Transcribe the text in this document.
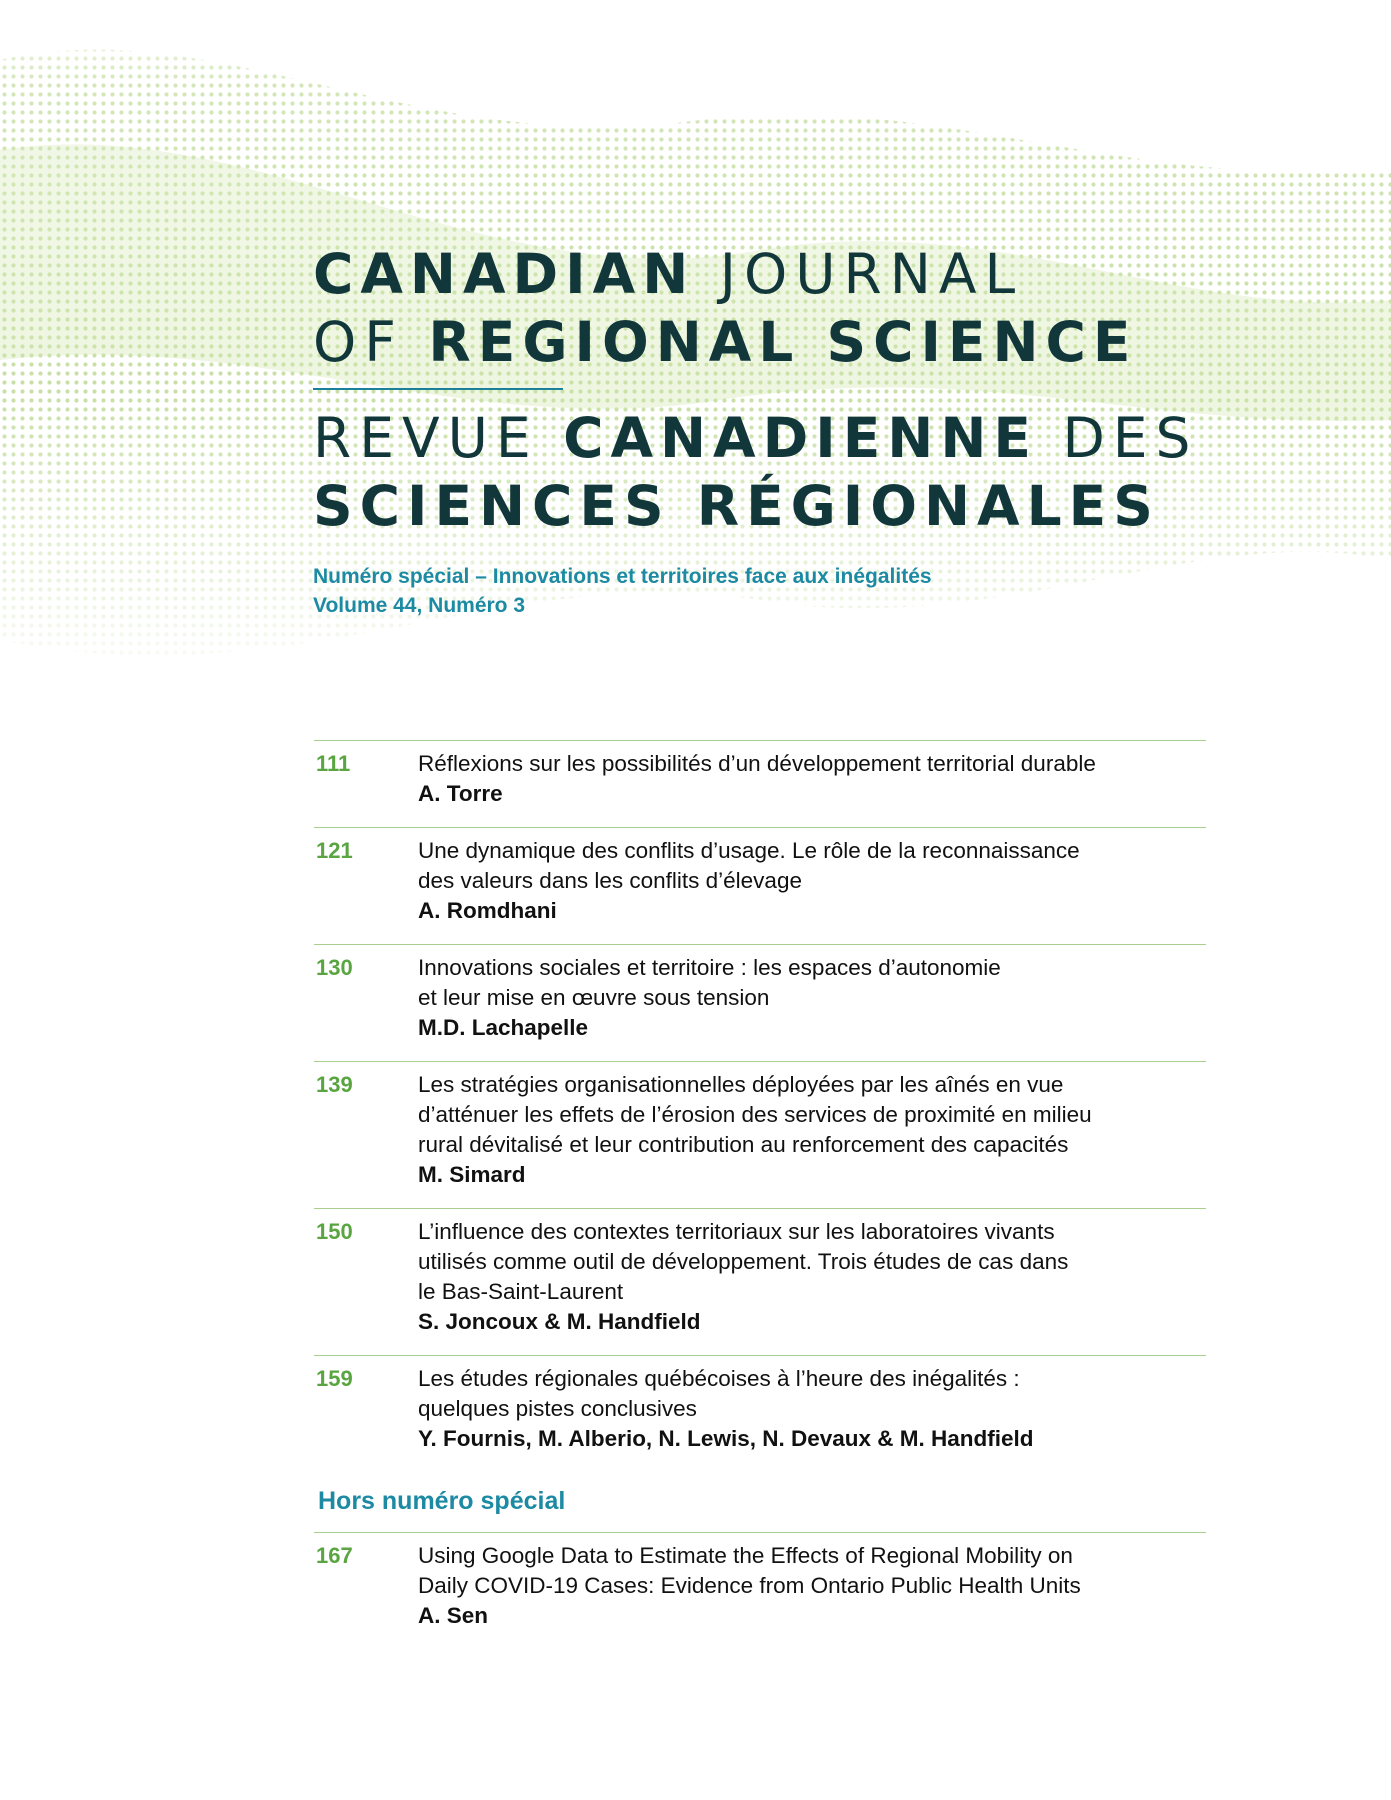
CANADIAN JOURNAL
OF REGIONAL SCIENCE
REVUE CANADIENNE DES
SCIENCES RÉGIONALES
Numéro spécial – Innovations et territoires face aux inégalités
Volume 44, Numéro 3
111	Réflexions sur les possibilités d’un développement territorial durable
A. Torre
121	Une dynamique des conflits d’usage. Le rôle de la reconnaissance
des valeurs dans les conflits d’élevage
A. Romdhani
130	Innovations sociales et territoire : les espaces d’autonomie
et leur mise en œuvre sous tension
M.D. Lachapelle
139	Les stratégies organisationnelles déployées par les aînés en vue
d’atténuer les effets de l’érosion des services de proximité en milieu
rural dévitalisé et leur contribution au renforcement des capacités
M. Simard
150	L’influence des contextes territoriaux sur les laboratoires vivants
utilisés comme outil de développement. Trois études de cas dans
le Bas-Saint-Laurent
S. Joncoux & M. Handfield
159	Les études régionales québécoises à l’heure des inégalités :
quelques pistes conclusives
Y. Fournis, M. Alberio, N. Lewis, N. Devaux & M. Handfield
Hors numéro spécial
167	Using Google Data to Estimate the Effects of Regional Mobility on
Daily COVID-19 Cases: Evidence from Ontario Public Health Units
A. Sen
